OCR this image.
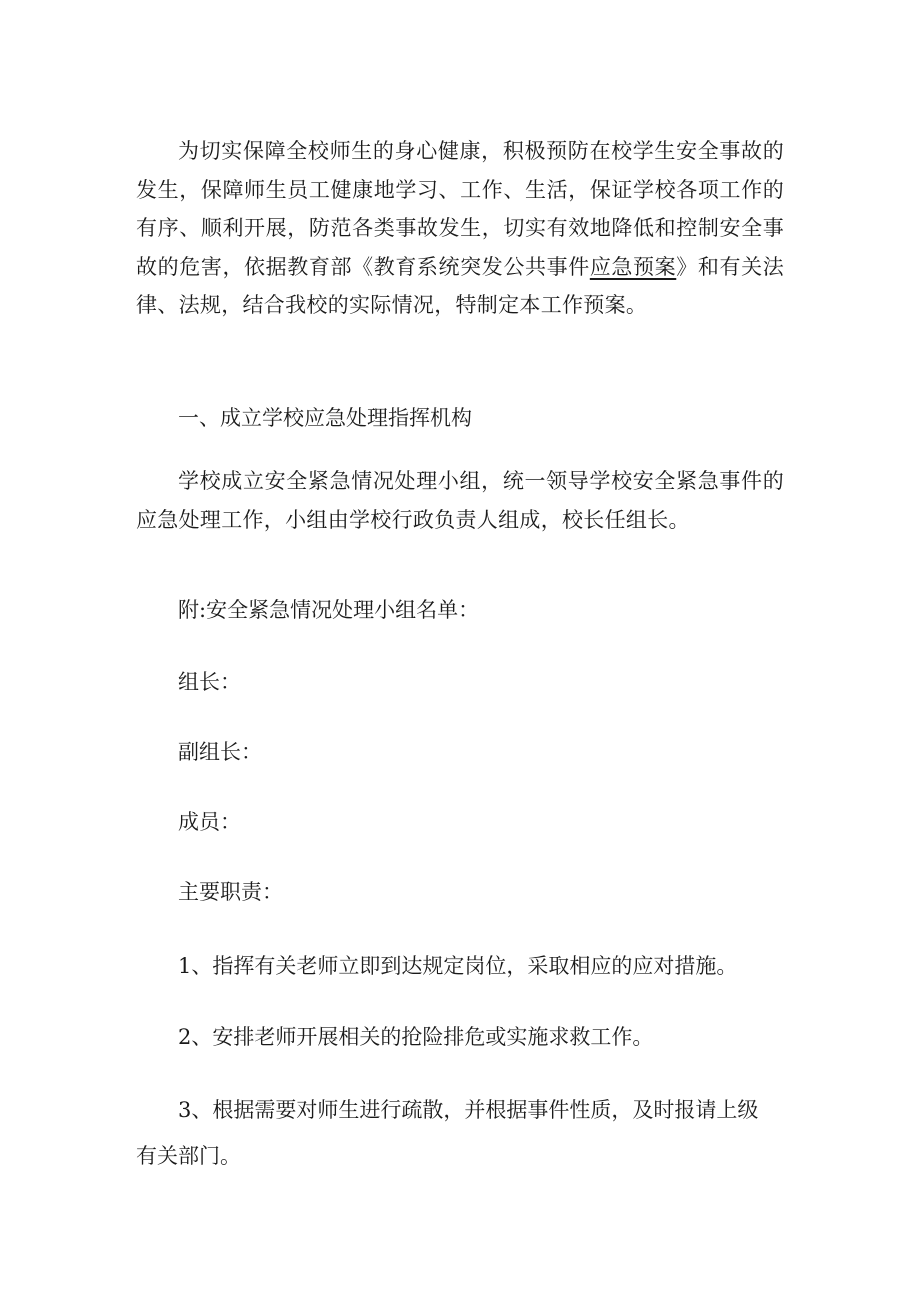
为切实保障全校师生的身心健康，积极预防在校学生安全事故的发生，保障师生员工健康地学习、工作、生活，保证学校各项工作的有序、顺利开展，防范各类事故发生，切实有效地降低和控制安全事故的危害，依据教育部《教育系统突发公共事件应急预案》和有关法律、法规，结合我校的实际情况，特制定本工作预案。

一、成立学校应急处理指挥机构

学校成立安全紧急情况处理小组，统一领导学校安全紧急事件的应急处理工作，小组由学校行政负责人组成，校长任组长。

附:安全紧急情况处理小组名单：

组长：

副组长：

成员：

主要职责：

1、指挥有关老师立即到达规定岗位，采取相应的应对措施。

2、安排老师开展相关的抢险排危或实施求救工作。

3、根据需要对师生进行疏散，并根据事件性质，及时报请上级

有关部门。
